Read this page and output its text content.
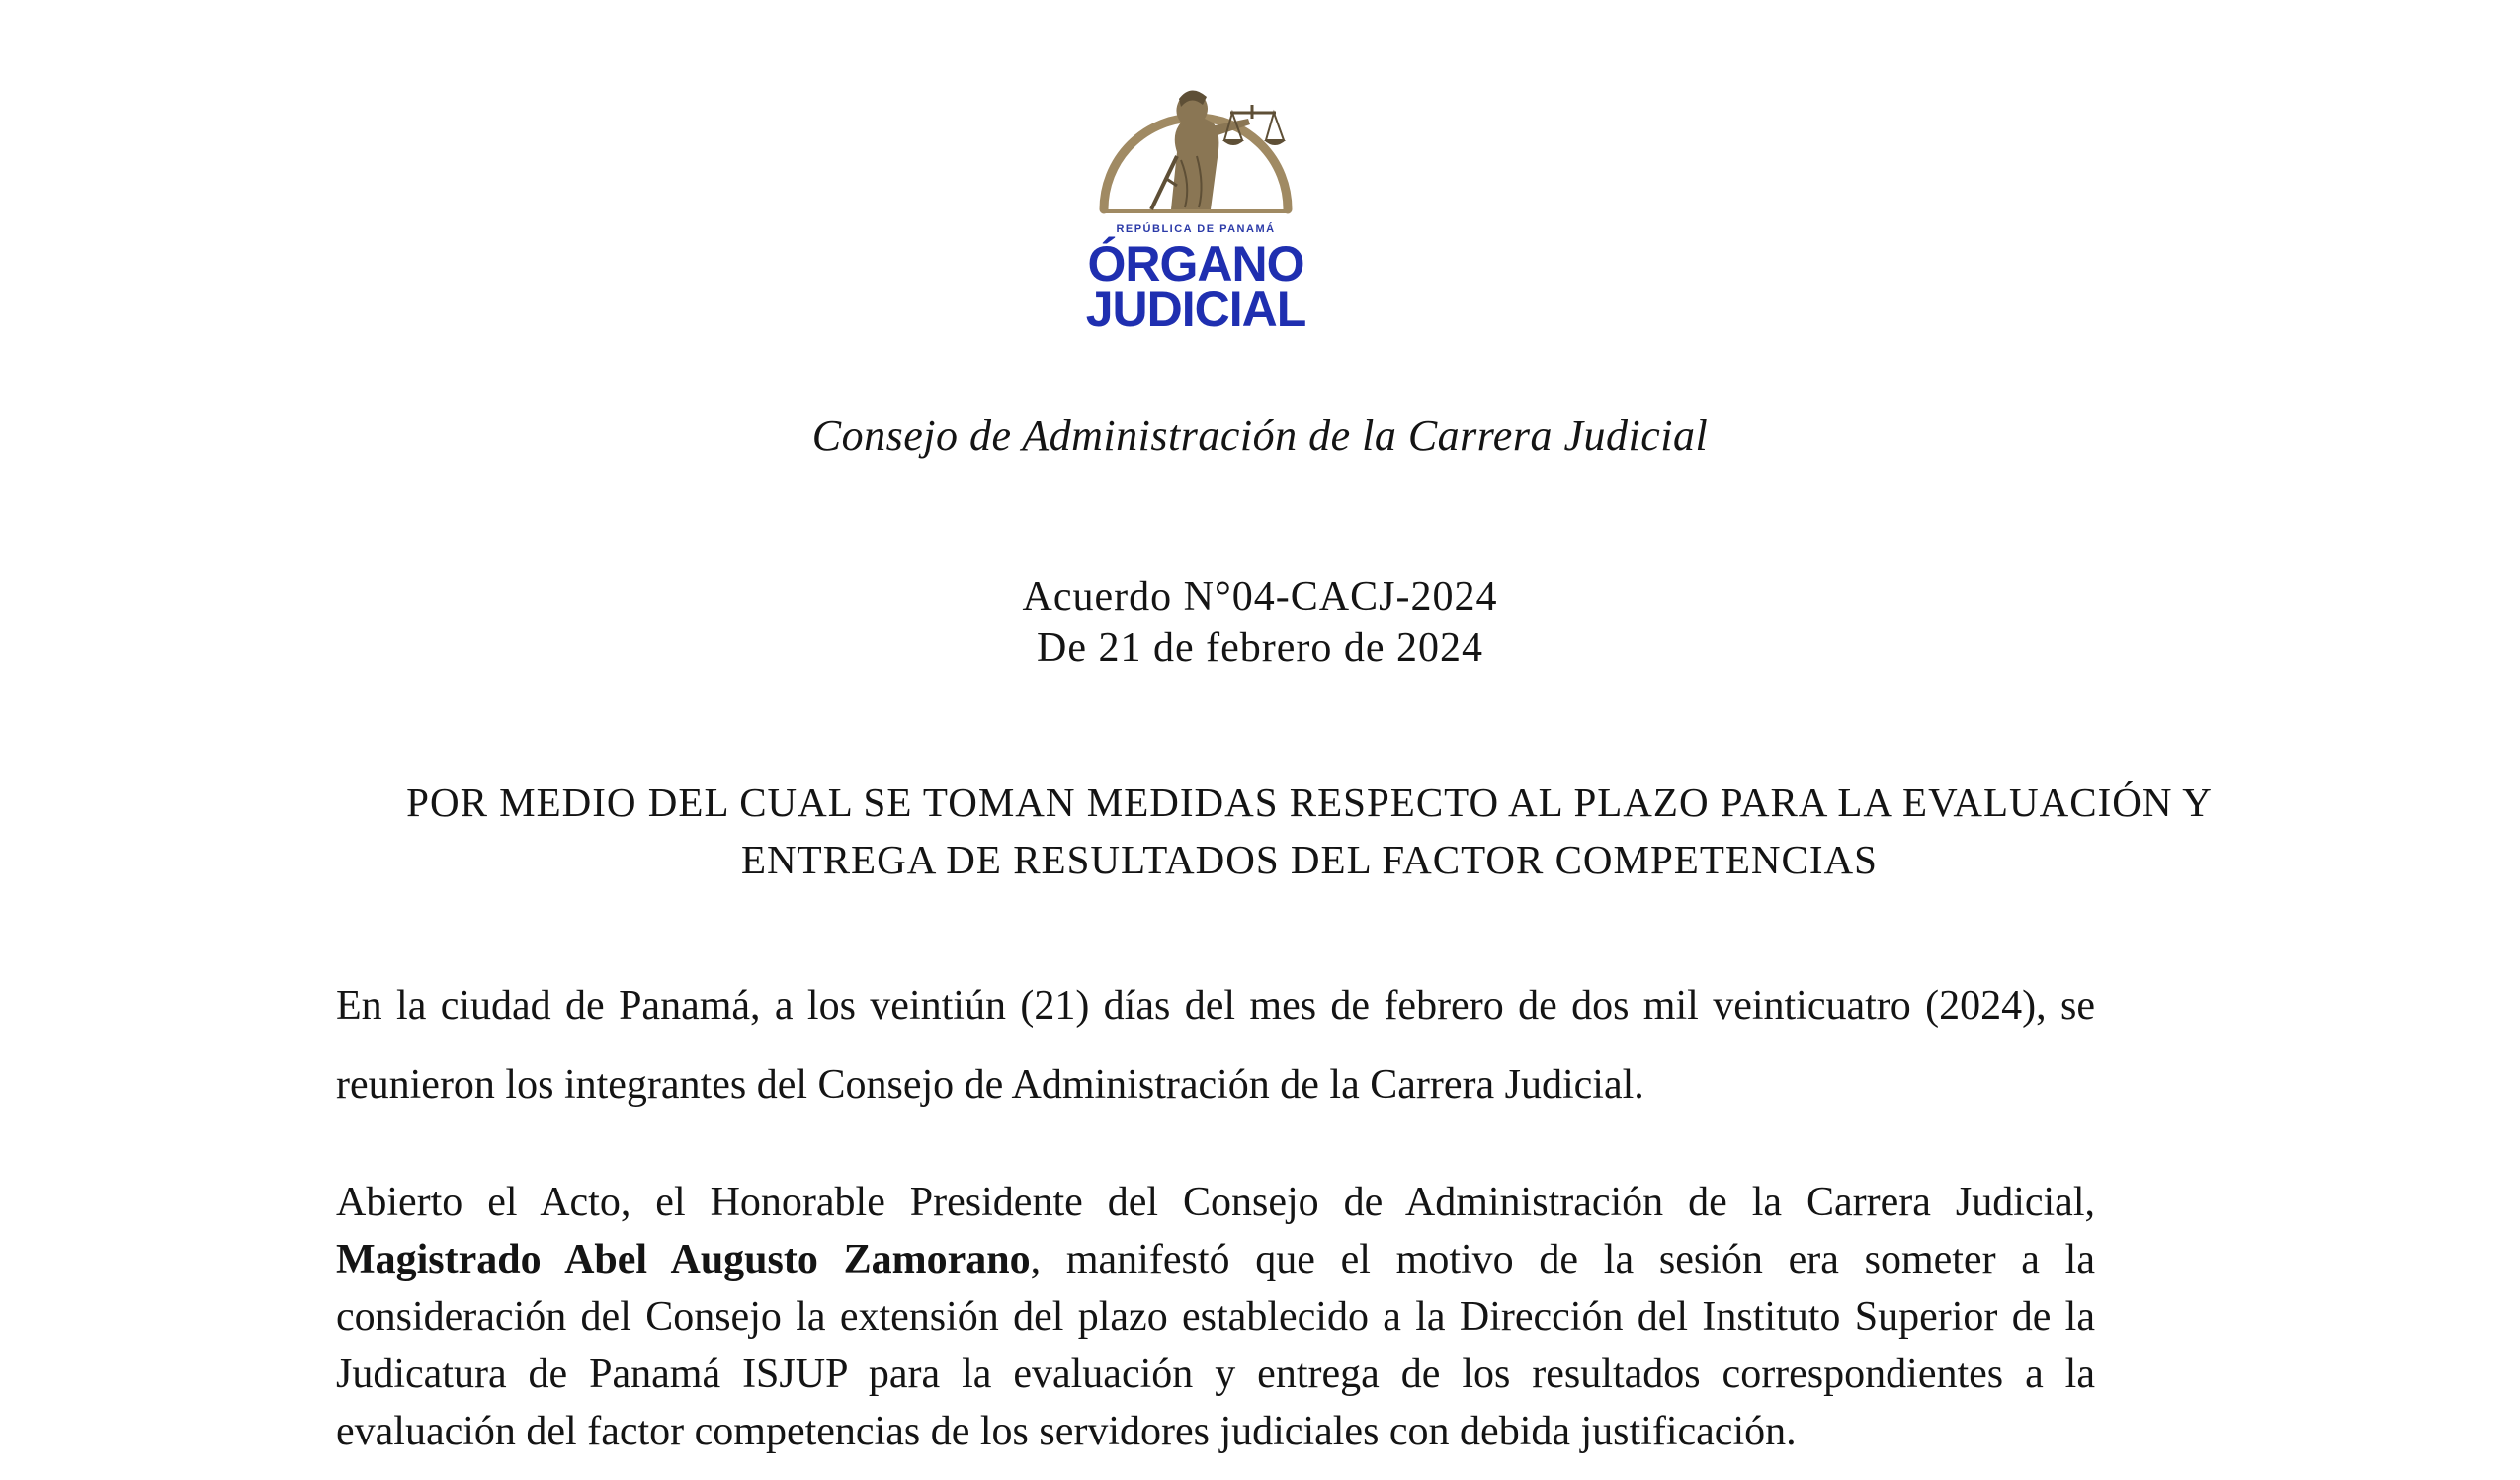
REPÚBLICA DE PANAMÁ
ÓRGANO
JUDICIAL
Consejo de Administración de la Carrera Judicial
Acuerdo N°04-CACJ-2024
De 21 de febrero de 2024
POR MEDIO DEL CUAL SE TOMAN MEDIDAS RESPECTO AL PLAZO PARA LA EVALUACIÓN Y ENTREGA DE RESULTADOS DEL FACTOR COMPETENCIAS
En la ciudad de Panamá, a los veintiún (21) días del mes de febrero de dos mil veinticuatro (2024), se reunieron los integrantes del Consejo de Administración de la Carrera Judicial.
Abierto el Acto, el Honorable Presidente del Consejo de Administración de la Carrera Judicial, Magistrado Abel Augusto Zamorano, manifestó que el motivo de la sesión era someter a la consideración del Consejo la extensión del plazo establecido a la Dirección del Instituto Superior de la Judicatura de Panamá ISJUP para la evaluación y entrega de los resultados correspondientes a la evaluación del factor competencias de los servidores judiciales con debida justificación.
